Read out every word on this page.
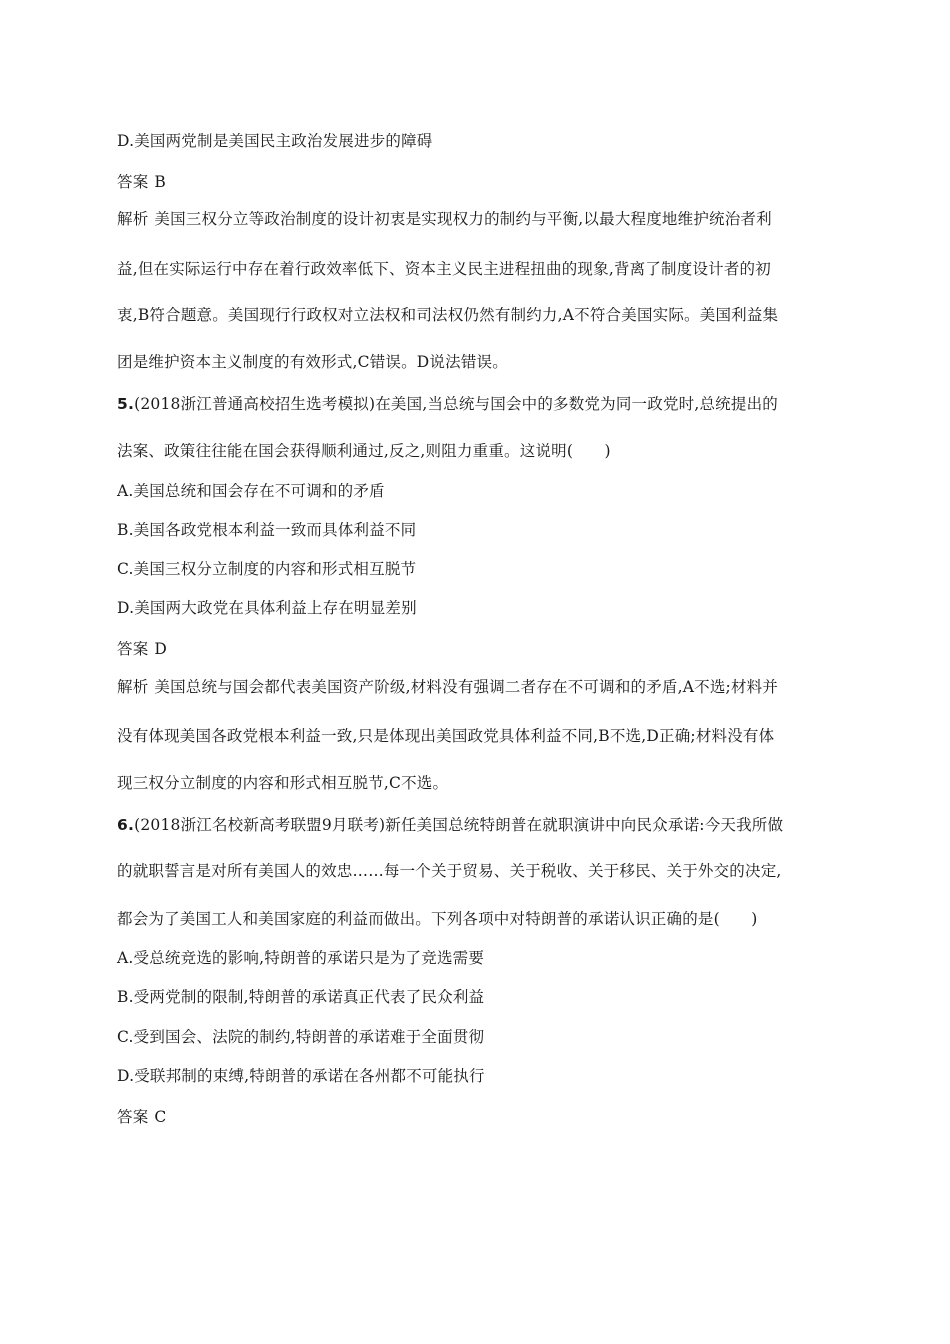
D.美国两党制是美国民主政治发展进步的障碍
答案 B
解析 美国三权分立等政治制度的设计初衷是实现权力的制约与平衡,以最大程度地维护统治者利
益,但在实际运行中存在着行政效率低下、资本主义民主进程扭曲的现象,背离了制度设计者的初
衷,B符合题意。美国现行行政权对立法权和司法权仍然有制约力,A不符合美国实际。美国利益集
团是维护资本主义制度的有效形式,C错误。D说法错误。
5.(2018浙江普通高校招生选考模拟)在美国,当总统与国会中的多数党为同一政党时,总统提出的
法案、政策往往能在国会获得顺利通过,反之,则阻力重重。这说明(　　)
A.美国总统和国会存在不可调和的矛盾
B.美国各政党根本利益一致而具体利益不同
C.美国三权分立制度的内容和形式相互脱节
D.美国两大政党在具体利益上存在明显差别
答案 D
解析 美国总统与国会都代表美国资产阶级,材料没有强调二者存在不可调和的矛盾,A不选;材料并
没有体现美国各政党根本利益一致,只是体现出美国政党具体利益不同,B不选,D正确;材料没有体
现三权分立制度的内容和形式相互脱节,C不选。
6.(2018浙江名校新高考联盟9月联考)新任美国总统特朗普在就职演讲中向民众承诺:今天我所做
的就职誓言是对所有美国人的效忠……每一个关于贸易、关于税收、关于移民、关于外交的决定,
都会为了美国工人和美国家庭的利益而做出。下列各项中对特朗普的承诺认识正确的是(　　)
A.受总统竞选的影响,特朗普的承诺只是为了竞选需要
B.受两党制的限制,特朗普的承诺真正代表了民众利益
C.受到国会、法院的制约,特朗普的承诺难于全面贯彻
D.受联邦制的束缚,特朗普的承诺在各州都不可能执行
答案 C
